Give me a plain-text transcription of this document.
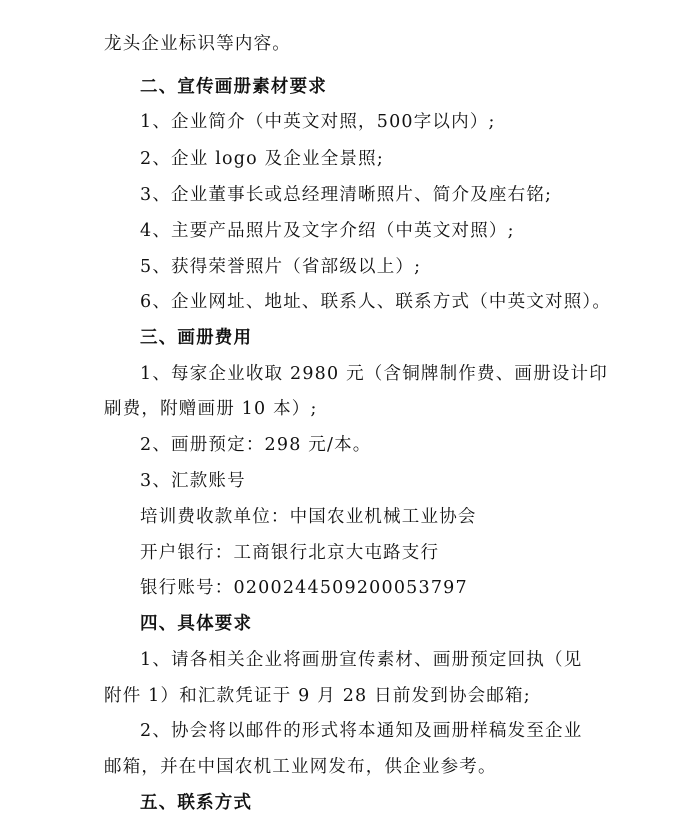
龙头企业标识等内容。
二、宣传画册素材要求
1、企业简介（中英文对照，500字以内）;
2、企业 logo 及企业全景照;
3、企业董事长或总经理清晰照片、简介及座右铭;
4、主要产品照片及文字介绍（中英文对照）;
5、获得荣誉照片（省部级以上）;
6、企业网址、地址、联系人、联系方式（中英文对照）。
三、画册费用
1、每家企业收取 2980 元（含铜牌制作费、画册设计印
刷费，附赠画册 10 本）;
2、画册预定：298 元/本。
3、汇款账号
培训费收款单位：中国农业机械工业协会
开户银行：工商银行北京大屯路支行
银行账号：0200244509200053797
四、具体要求
1、请各相关企业将画册宣传素材、画册预定回执（见
附件 1）和汇款凭证于 9 月 28 日前发到协会邮箱;
2、协会将以邮件的形式将本通知及画册样稿发至企业
邮箱，并在中国农机工业网发布，供企业参考。
五、联系方式
